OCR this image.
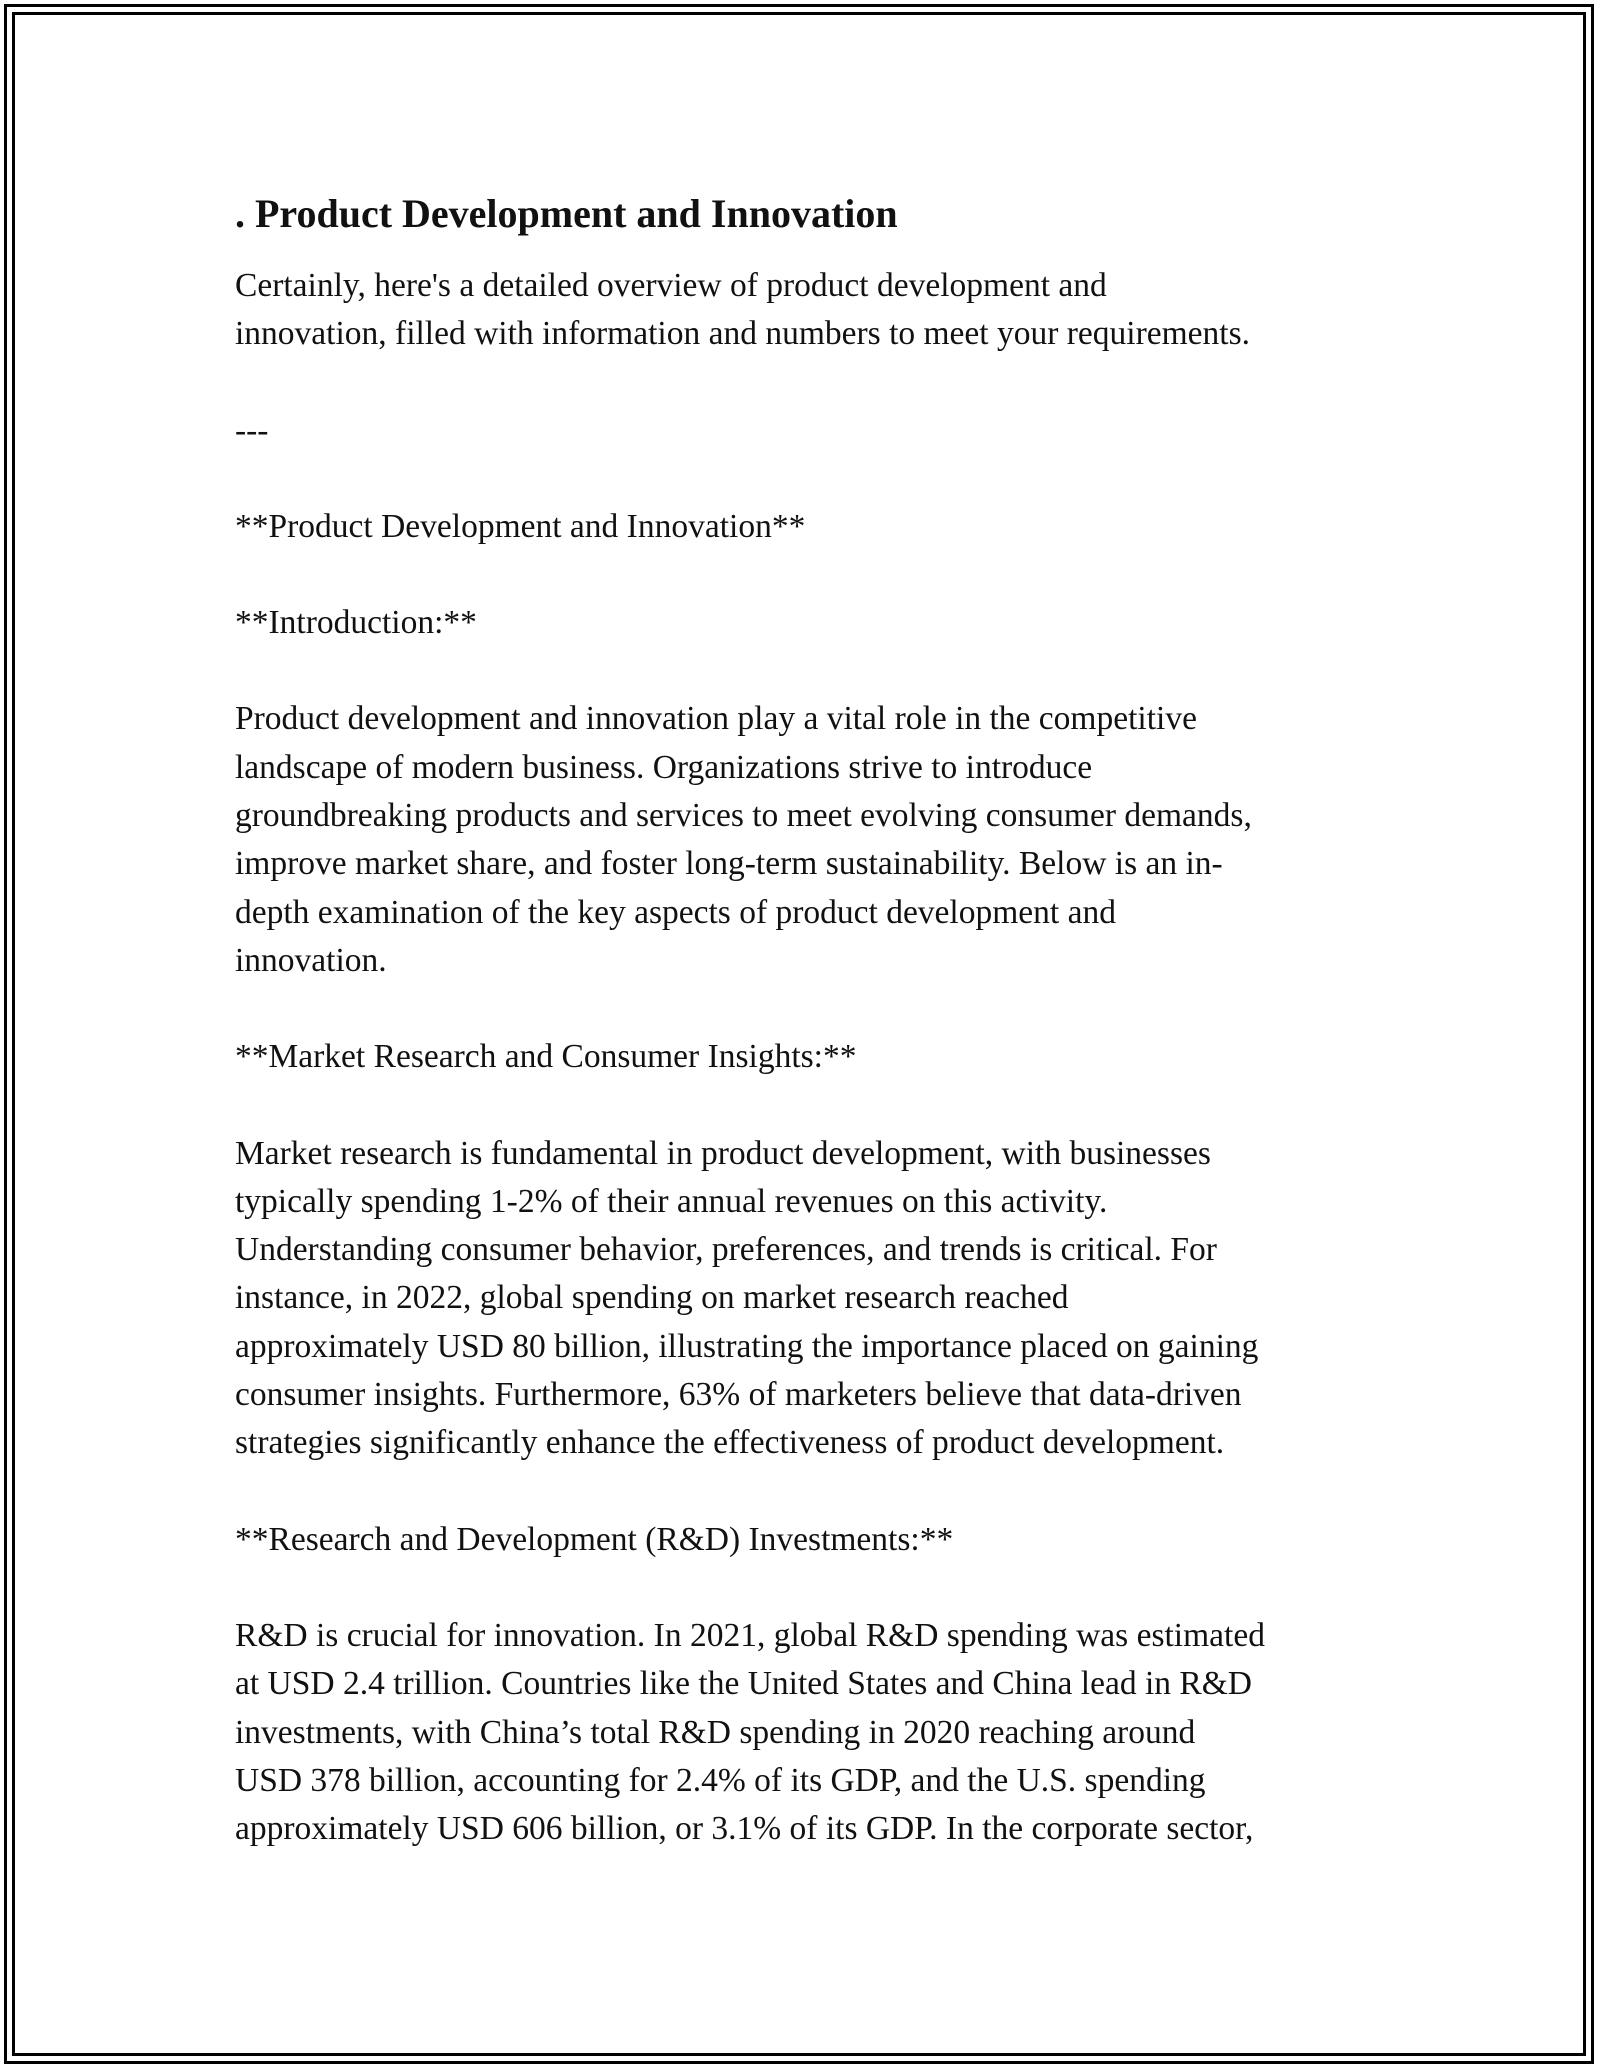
. Product Development and Innovation

Certainly, here's a detailed overview of product development and
innovation, filled with information and numbers to meet your requirements.

---

**Product Development and Innovation**

**Introduction:**

Product development and innovation play a vital role in the competitive
landscape of modern business. Organizations strive to introduce
groundbreaking products and services to meet evolving consumer demands,
improve market share, and foster long-term sustainability. Below is an in-
depth examination of the key aspects of product development and
innovation.

**Market Research and Consumer Insights:**

Market research is fundamental in product development, with businesses
typically spending 1-2% of their annual revenues on this activity.
Understanding consumer behavior, preferences, and trends is critical. For
instance, in 2022, global spending on market research reached
approximately USD 80 billion, illustrating the importance placed on gaining
consumer insights. Furthermore, 63% of marketers believe that data-driven
strategies significantly enhance the effectiveness of product development.

**Research and Development (R&D) Investments:**

R&D is crucial for innovation. In 2021, global R&D spending was estimated
at USD 2.4 trillion. Countries like the United States and China lead in R&D
investments, with China’s total R&D spending in 2020 reaching around
USD 378 billion, accounting for 2.4% of its GDP, and the U.S. spending
approximately USD 606 billion, or 3.1% of its GDP. In the corporate sector,
